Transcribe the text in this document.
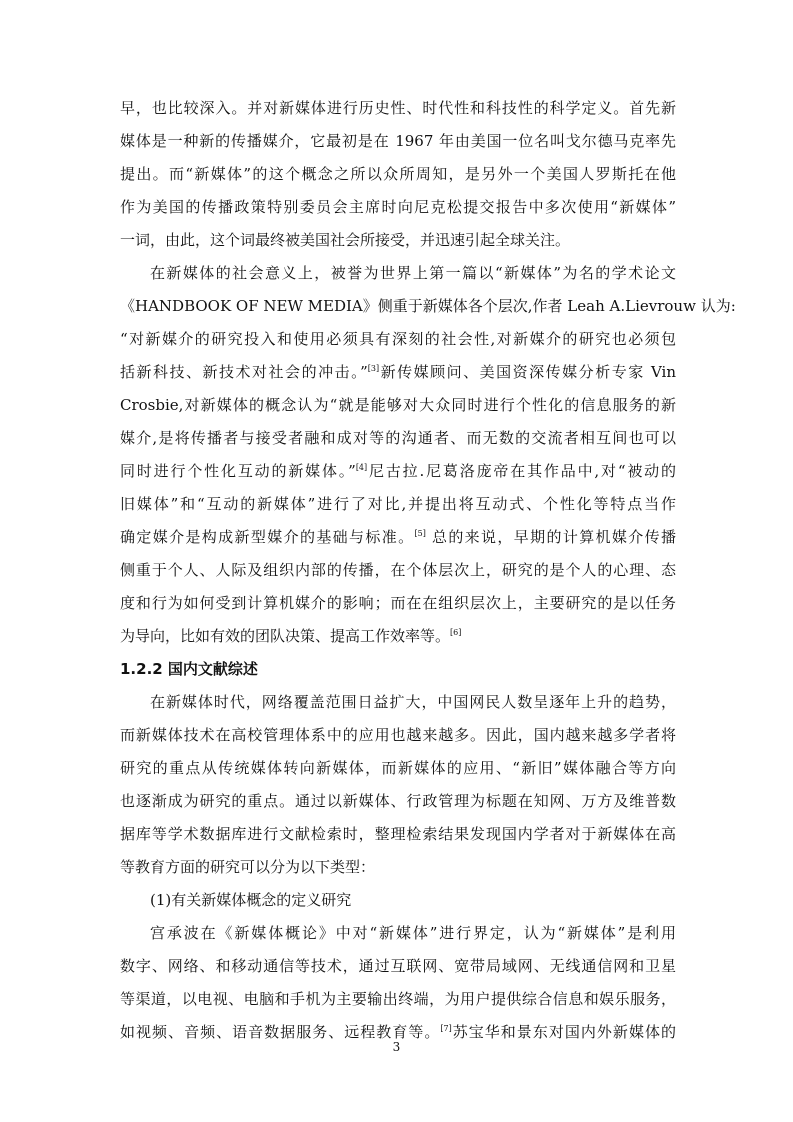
早，也比较深入。并对新媒体进行历史性、时代性和科技性的科学定义。首先新
媒体是一种新的传播媒介，它最初是在 1967 年由美国一位名叫戈尔德马克率先
提出。而“新媒体”的这个概念之所以众所周知，是另外一个美国人罗斯托在他
作为美国的传播政策特别委员会主席时向尼克松提交报告中多次使用“新媒体”
一词，由此，这个词最终被美国社会所接受，并迅速引起全球关注。
在新媒体的社会意义上，被誉为世界上第一篇以“新媒体”为名的学术论文
《HANDBOOK OF NEW MEDIA》侧重于新媒体各个层次,作者 Leah A.Lievrouw 认为:
“对新媒介的研究投入和使用必须具有深刻的社会性,对新媒介的研究也必须包
括新科技、新技术对社会的冲击。”[3]新传媒顾问、美国资深传媒分析专家 Vin
Crosbie,对新媒体的概念认为“就是能够对大众同时进行个性化的信息服务的新
媒介,是将传播者与接受者融和成对等的沟通者、而无数的交流者相互间也可以
同时进行个性化互动的新媒体。”[4]尼古拉.尼葛洛庞帝在其作品中,对“被动的
旧媒体”和“互动的新媒体”进行了对比,并提出将互动式、个性化等特点当作
确定媒介是构成新型媒介的基础与标准。[5] 总的来说，早期的计算机媒介传播
侧重于个人、人际及组织内部的传播，在个体层次上，研究的是个人的心理、态
度和行为如何受到计算机媒介的影响；而在在组织层次上，主要研究的是以任务
为导向，比如有效的团队决策、提高工作效率等。[6]
1.2.2 国内文献综述
在新媒体时代，网络覆盖范围日益扩大，中国网民人数呈逐年上升的趋势，
而新媒体技术在高校管理体系中的应用也越来越多。因此，国内越来越多学者将
研究的重点从传统媒体转向新媒体，而新媒体的应用、“新旧”媒体融合等方向
也逐渐成为研究的重点。通过以新媒体、行政管理为标题在知网、万方及维普数
据库等学术数据库进行文献检索时，整理检索结果发现国内学者对于新媒体在高
等教育方面的研究可以分为以下类型：
(1)有关新媒体概念的定义研究
宫承波在《新媒体概论》中对“新媒体”进行界定，认为“新媒体”是利用
数字、网络、和移动通信等技术，通过互联网、宽带局域网、无线通信网和卫星
等渠道，以电视、电脑和手机为主要输出终端，为用户提供综合信息和娱乐服务，
如视频、音频、语音数据服务、远程教育等。[7]苏宝华和景东对国内外新媒体的
3
